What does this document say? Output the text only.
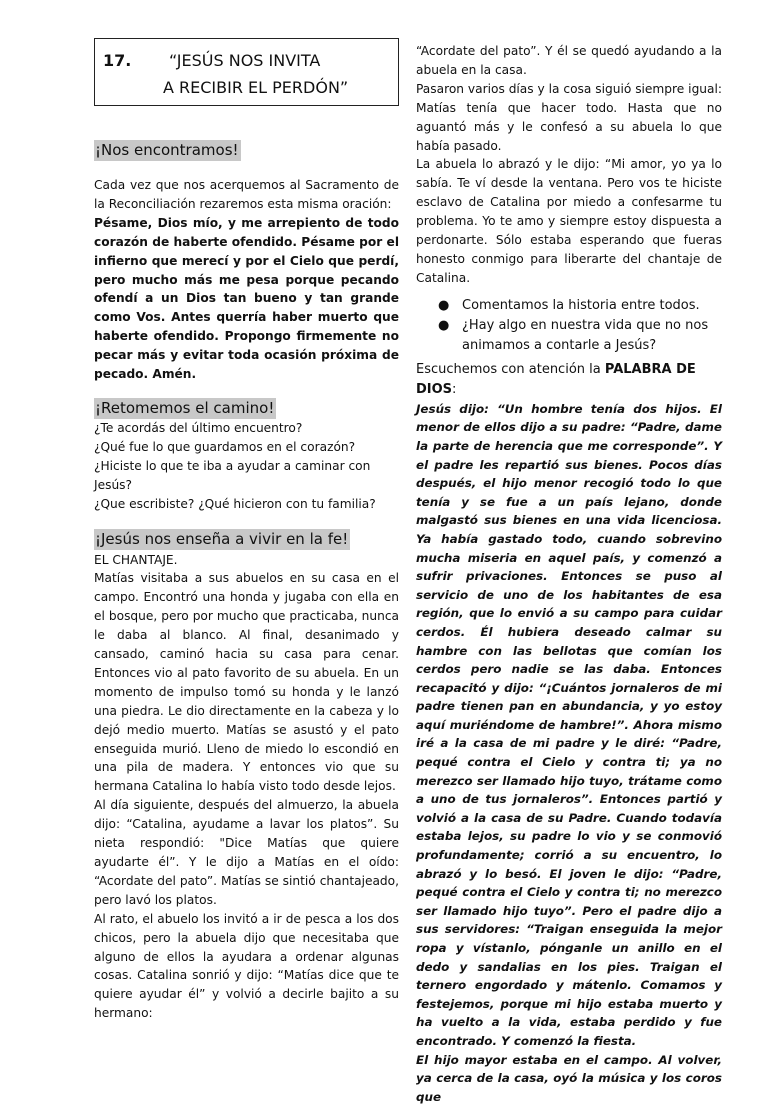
17. “JESÚS NOS INVITA
A RECIBIR EL PERDÓN”
¡Nos encontramos!

Cada vez que nos acerquemos al Sacramento de la Reconciliación rezaremos esta misma oración:

Pésame, Dios mío, y me arrepiento de todo corazón de haberte ofendido. Pésame por el infierno que merecí y por el Cielo que perdí, pero mucho más me pesa porque pecando ofendí a un Dios tan bueno y tan grande como Vos. Antes querría haber muerto que haberte ofendido. Propongo firmemente no pecar más y evitar toda ocasión próxima de pecado. Amén.

¡Retomemos el camino!
¿Te acordás del último encuentro?
¿Qué fue lo que guardamos en el corazón?
¿Hiciste lo que te iba a ayudar a caminar con Jesús?
¿Que escribiste? ¿Qué hicieron con tu familia?
¡Jesús nos enseña a vivir en la fe!

EL CHANTAJE.

Matías visitaba a sus abuelos en su casa en el campo. Encontró una honda y jugaba con ella en el bosque, pero por mucho que practicaba, nunca le daba al blanco. Al final, desanimado y cansado, caminó hacia su casa para cenar. Entonces vio al pato favorito de su abuela. En un momento de impulso tomó su honda y le lanzó una piedra. Le dio directamente en la cabeza y lo dejó medio muerto. Matías se asustó y el pato enseguida murió. Lleno de miedo lo escondió en una pila de madera. Y entonces vio que su hermana Catalina lo había visto todo desde lejos.

Al día siguiente, después del almuerzo, la abuela dijo: “Catalina, ayudame a lavar los platos”. Su nieta respondió: "Dice Matías que quiere ayudarte él”. Y le dijo a Matías en el oído: “Acordate del pato”. Matías se sintió chantajeado, pero lavó los platos.

Al rato, el abuelo los invitó a ir de pesca a los dos chicos, pero la abuela dijo que necesitaba que alguno de ellos la ayudara a ordenar algunas cosas. Catalina sonrió y dijo: “Matías dice que te quiere ayudar él” y volvió a decirle bajito a su hermano:

“Acordate del pato”. Y él se quedó ayudando a la abuela en la casa.

Pasaron varios días y la cosa siguió siempre igual: Matías tenía que hacer todo. Hasta que no aguantó más y le confesó a su abuela lo que había pasado.

La abuela lo abrazó y le dijo: “Mi amor, yo ya lo sabía. Te ví desde la ventana. Pero vos te hiciste esclavo de Catalina por miedo a confesarme tu problema. Yo te amo y siempre estoy dispuesta a perdonarte. Sólo estaba esperando que fueras honesto conmigo para liberarte del chantaje de Catalina.

● Comentamos la historia entre todos.
● ¿Hay algo en nuestra vida que no nos animamos a contarle a Jesús?

Escuchemos con atención la PALABRA DE DIOS:

Jesús dijo: “Un hombre tenía dos hijos. El menor de ellos dijo a su padre: “Padre, dame la parte de herencia que me corresponde”. Y el padre les repartió sus bienes. Pocos días después, el hijo menor recogió todo lo que tenía y se fue a un país lejano, donde malgastó sus bienes en una vida licenciosa. Ya había gastado todo, cuando sobrevino mucha miseria en aquel país, y comenzó a sufrir privaciones. Entonces se puso al servicio de uno de los habitantes de esa región, que lo envió a su campo para cuidar cerdos. Él hubiera deseado calmar su hambre con las bellotas que comían los cerdos pero nadie se las daba. Entonces recapacitó y dijo: “¡Cuántos jornaleros de mi padre tienen pan en abundancia, y yo estoy aquí muriéndome de hambre!”. Ahora mismo iré a la casa de mi padre y le diré: “Padre, pequé contra el Cielo y contra ti; ya no merezco ser llamado hijo tuyo, trátame como a uno de tus jornaleros”. Entonces partió y volvió a la casa de su Padre. Cuando todavía estaba lejos, su padre lo vio y se conmovió profundamente; corrió a su encuentro, lo abrazó y lo besó. El joven le dijo: “Padre, pequé contra el Cielo y contra ti; no merezco ser llamado hijo tuyo”. Pero el padre dijo a sus servidores: “Traigan enseguida la mejor ropa y vístanlo, pónganle un anillo en el dedo y sandalias en los pies. Traigan el ternero engordado y mátenlo. Comamos y festejemos, porque mi hijo estaba muerto y ha vuelto a la vida, estaba perdido y fue encontrado. Y comenzó la fiesta.

El hijo mayor estaba en el campo. Al volver, ya cerca de la casa, oyó la música y los coros que
